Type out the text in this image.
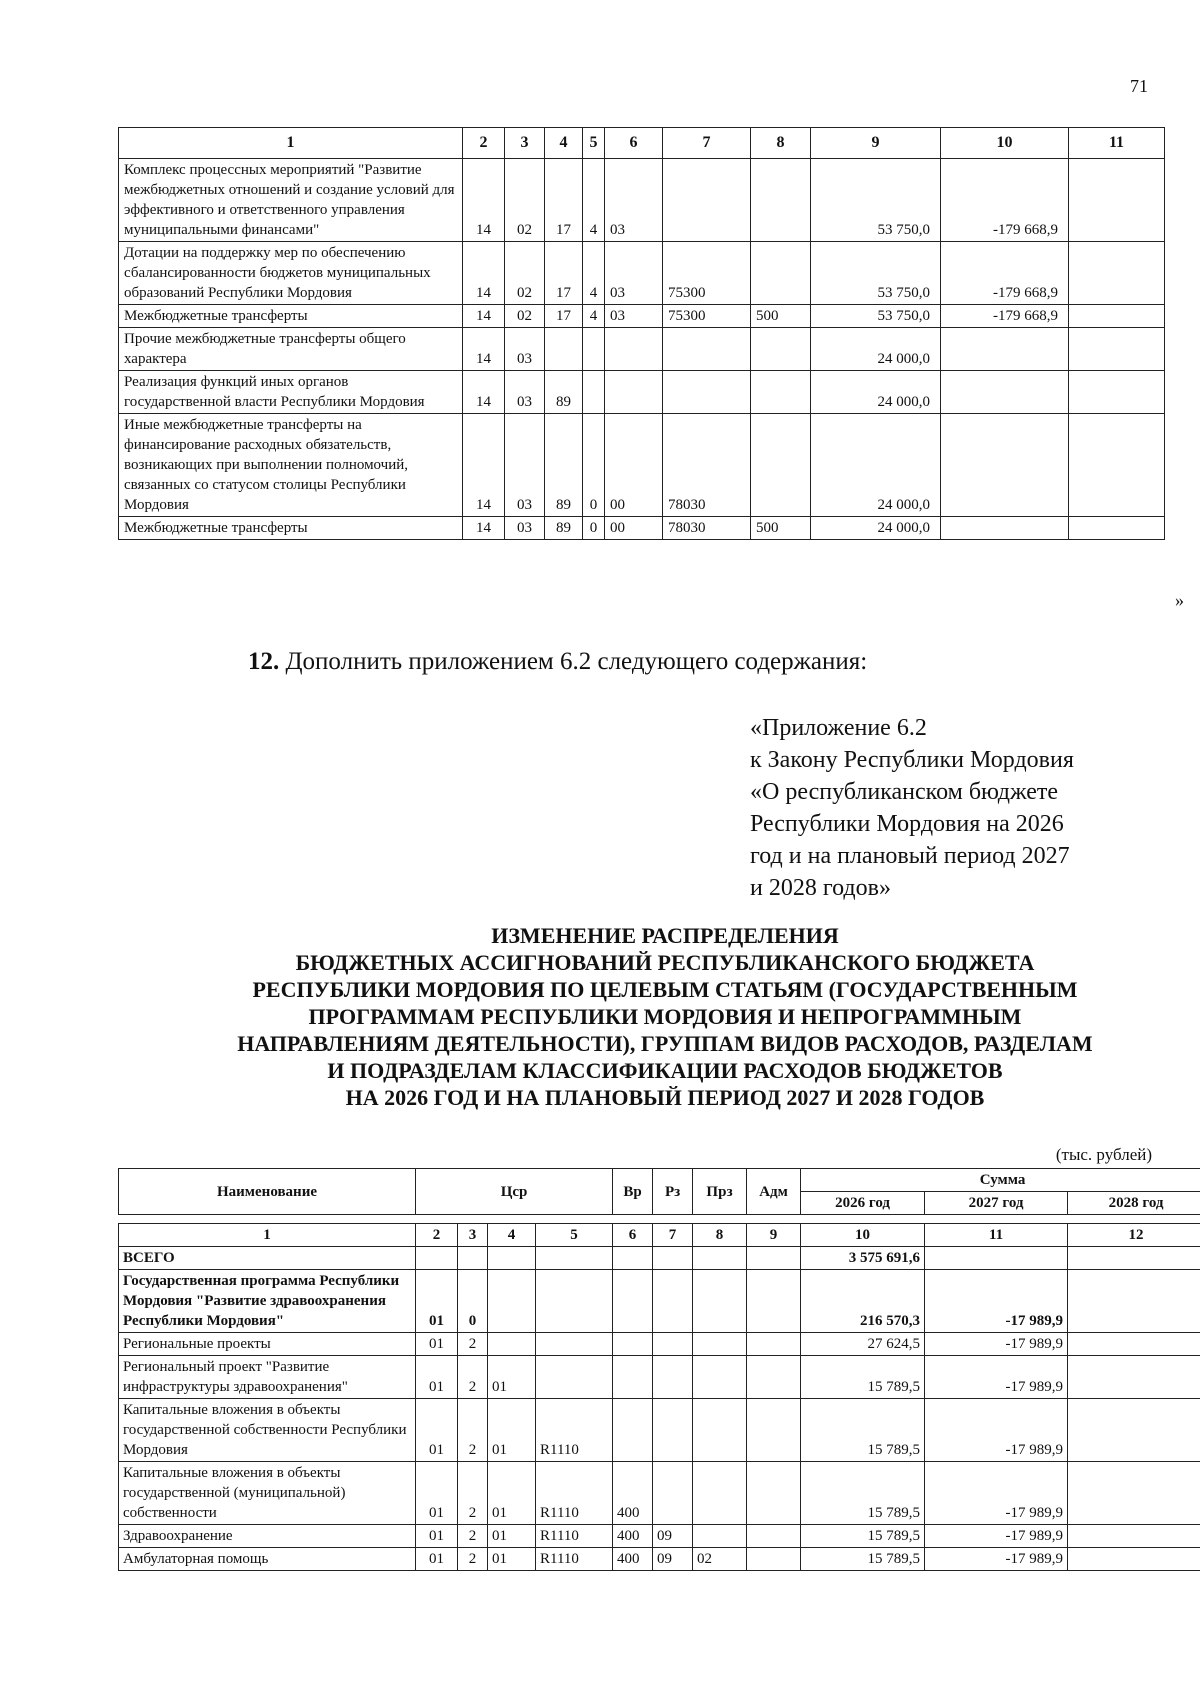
71
1	2	3	4	5	6	7	8	9	10	11
Комплекс процессных мероприятий "Развитие межбюджетных отношений и создание условий для эффективного и ответственного управления муниципальными финансами"	14	02	17	4	03			53 750,0	-179 668,9	
Дотации на поддержку мер по обеспечению сбалансированности бюджетов муниципальных образований Республики Мордовия	14	02	17	4	03	75300		53 750,0	-179 668,9	
Межбюджетные трансферты	14	02	17	4	03	75300	500	53 750,0	-179 668,9	
Прочие межбюджетные трансферты общего характера	14	03						24 000,0		
Реализация функций иных органов государственной власти Республики Мордовия	14	03	89					24 000,0		
Иные межбюджетные трансферты на финансирование расходных обязательств, возникающих при выполнении полномочий, связанных со статусом столицы Республики Мордовия	14	03	89	0	00	78030		24 000,0		
Межбюджетные трансферты	14	03	89	0	00	78030	500	24 000,0		
»
12. Дополнить приложением 6.2 следующего содержания:
«Приложение 6.2
к Закону Республики Мордовия
«О республиканском бюджете
Республики Мордовия на 2026
год и на плановый период 2027
и 2028 годов»
ИЗМЕНЕНИЕ РАСПРЕДЕЛЕНИЯ
БЮДЖЕТНЫХ АССИГНОВАНИЙ РЕСПУБЛИКАНСКОГО БЮДЖЕТА
РЕСПУБЛИКИ МОРДОВИЯ ПО ЦЕЛЕВЫМ СТАТЬЯМ (ГОСУДАРСТВЕННЫМ
ПРОГРАММАМ РЕСПУБЛИКИ МОРДОВИЯ И НЕПРОГРАММНЫМ
НАПРАВЛЕНИЯМ ДЕЯТЕЛЬНОСТИ), ГРУППАМ ВИДОВ РАСХОДОВ, РАЗДЕЛАМ
И ПОДРАЗДЕЛАМ КЛАССИФИКАЦИИ РАСХОДОВ БЮДЖЕТОВ
НА 2026 ГОД И НА ПЛАНОВЫЙ ПЕРИОД 2027 И 2028 ГОДОВ
(тыс. рублей)
Наименование	Цср				Вр	Рз	Прз	Адм	Сумма		
									2026 год	2027 год	2028 год

1	2	3	4	5	6	7	8	9	10	11	12
ВСЕГО									3 575 691,6		
Государственная программа Республики Мордовия "Развитие здравоохранения Республики Мордовия"	01	0							216 570,3	-17 989,9	
Региональные проекты	01	2							27 624,5	-17 989,9	
Региональный проект "Развитие инфраструктуры здравоохранения"	01	2	01						15 789,5	-17 989,9	
Капитальные вложения в объекты государственной собственности Республики Мордовия	01	2	01	R1110					15 789,5	-17 989,9	
Капитальные вложения в объекты государственной (муниципальной) собственности	01	2	01	R1110	400				15 789,5	-17 989,9	
Здравоохранение	01	2	01	R1110	400	09			15 789,5	-17 989,9	
Амбулаторная помощь	01	2	01	R1110	400	09	02		15 789,5	-17 989,9	
